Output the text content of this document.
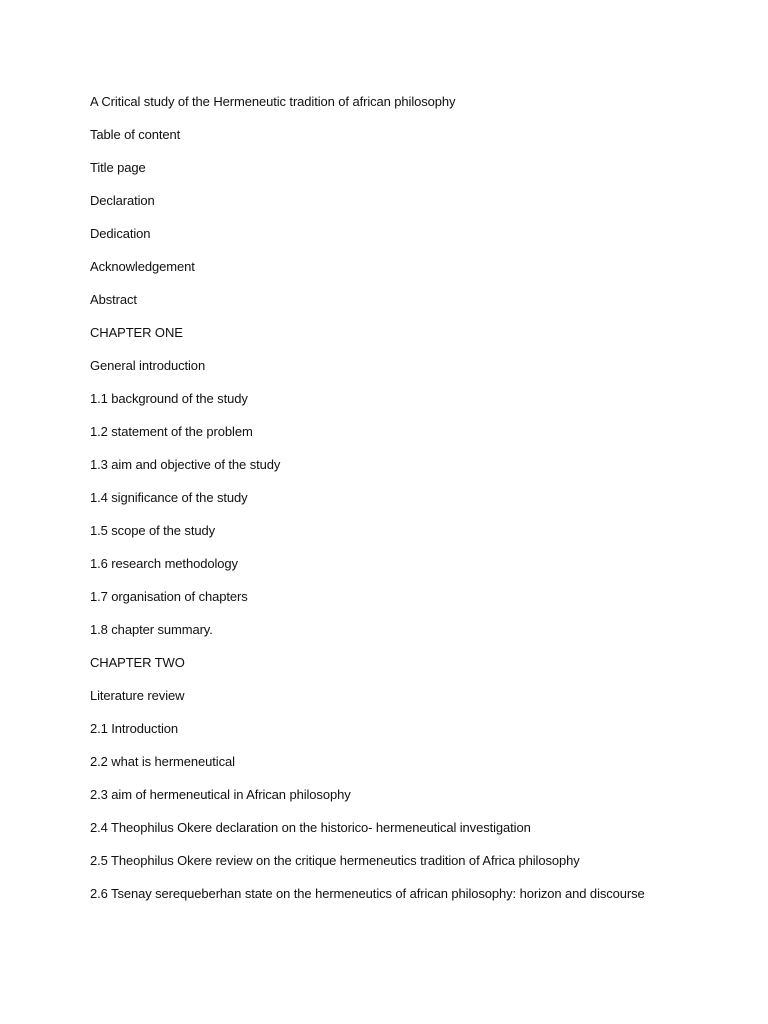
A Critical study of the Hermeneutic tradition of african philosophy
Table of content
Title page
Declaration
Dedication
Acknowledgement
Abstract
CHAPTER ONE
General introduction
1.1 background of the study
1.2 statement of the problem
1.3 aim and objective of the study
1.4 significance of the study
1.5 scope of the study
1.6 research methodology
1.7 organisation of chapters
1.8 chapter summary.
CHAPTER TWO
Literature review
2.1 Introduction
2.2 what is hermeneutical
2.3 aim of hermeneutical in African philosophy
2.4 Theophilus Okere declaration on the historico- hermeneutical investigation
2.5 Theophilus Okere review on the critique hermeneutics tradition of Africa philosophy
2.6 Tsenay serequeberhan state on the hermeneutics of african philosophy: horizon and discourse
